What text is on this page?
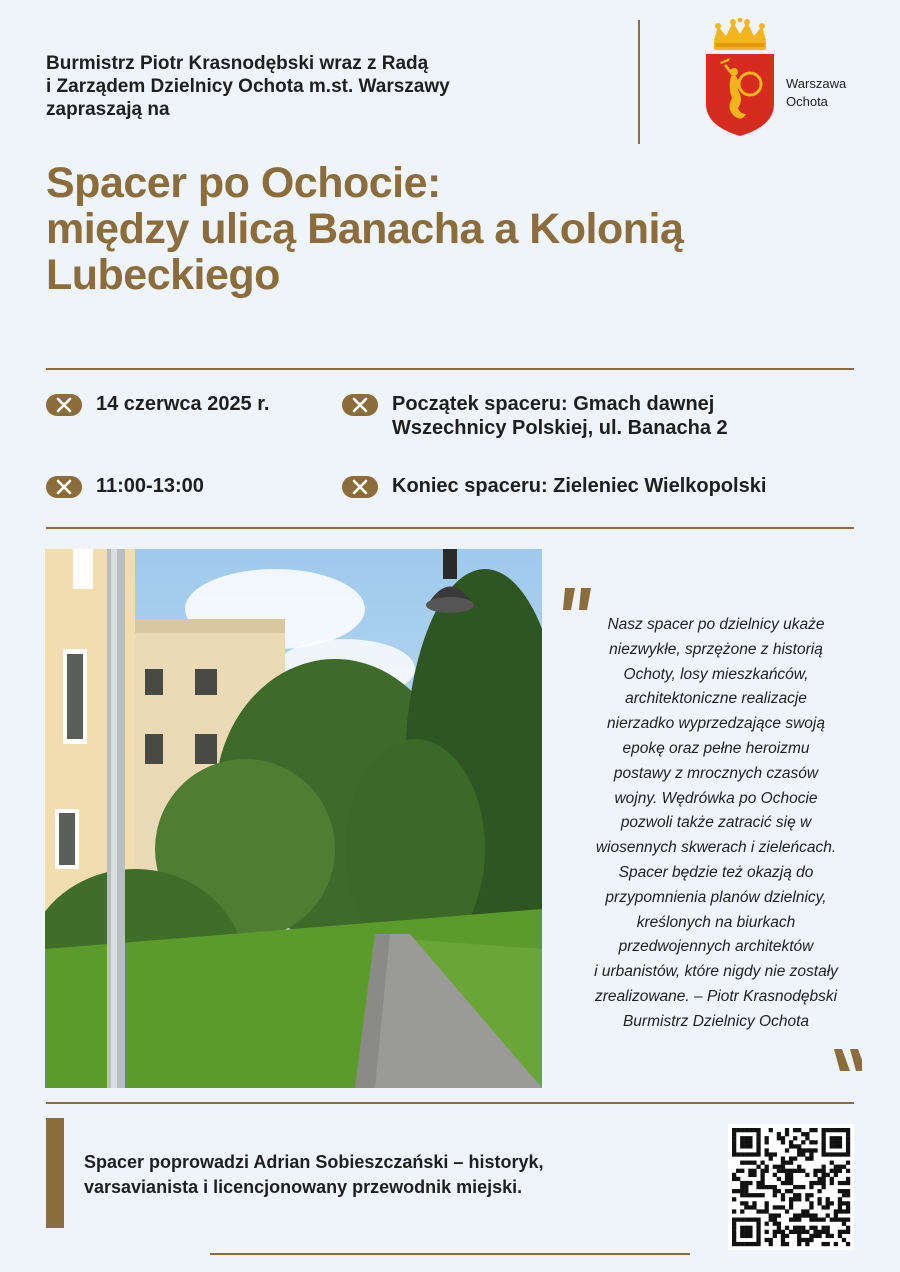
Burmistrz Piotr Krasnodębski wraz z Radą
i Zarządem Dzielnicy Ochota m.st. Warszawy
zapraszają na
Warszawa
Ochota
Spacer po Ochocie:
między ulicą Banacha a Kolonią
Lubeckiego
14 czerwca 2025 r.	Początek spaceru: Gmach dawnej
Wszechnicy Polskiej, ul. Banacha 2
11:00-13:00	Koniec spaceru: Zieleniec Wielkopolski
Nasz spacer po dzielnicy ukaże
niezwykłe, sprzężone z historią
Ochoty, losy mieszkańców,
architektoniczne realizacje
nierzadko wyprzedzające swoją
epokę oraz pełne heroizmu
postawy z mrocznych czasów
wojny. Wędrówka po Ochocie
pozwoli także zatracić się w
wiosennych skwerach i zieleńcach.
Spacer będzie też okazją do
przypomnienia planów dzielnicy,
kreślonych na biurkach
przedwojennych architektów
i urbanistów, które nigdy nie zostały
zrealizowane. – Piotr Krasnodębski
Burmistrz Dzielnicy Ochota
Spacer poprowadzi Adrian Sobieszczański – historyk,
varsavianista i licencjonowany przewodnik miejski.
